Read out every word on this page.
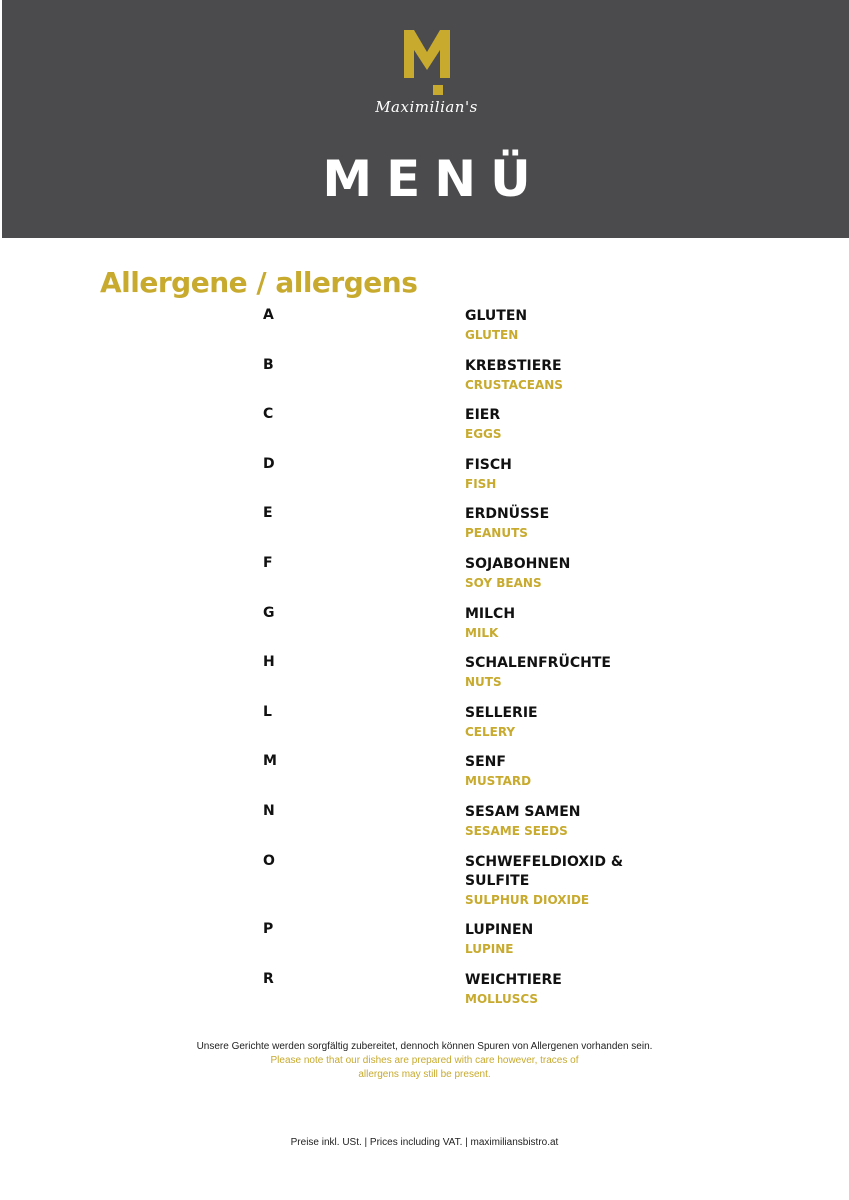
Maximilian's
MENÜ
Allergene / allergens
A	GLUTEN
GLUTEN
B	KREBSTIERE
CRUSTACEANS
C	EIER
EGGS
D	FISCH
FISH
E	ERDNÜSSE
PEANUTS
F	SOJABOHNEN
SOY BEANS
G	MILCH
MILK
H	SCHALENFRÜCHTE
NUTS
L	SELLERIE
CELERY
M	SENF
MUSTARD
N	SESAM SAMEN
SESAME SEEDS
O	SCHWEFELDIOXID & SULFITE
SULPHUR DIOXIDE
P	LUPINEN
LUPINE
R	WEICHTIERE
MOLLUSCS
Unsere Gerichte werden sorgfältig zubereitet, dennoch können Spuren von Allergenen vorhanden sein.
Please note that our dishes are prepared with care however, traces of
allergens may still be present.
Preise inkl. USt. | Prices including VAT. | maximiliansbistro.at
